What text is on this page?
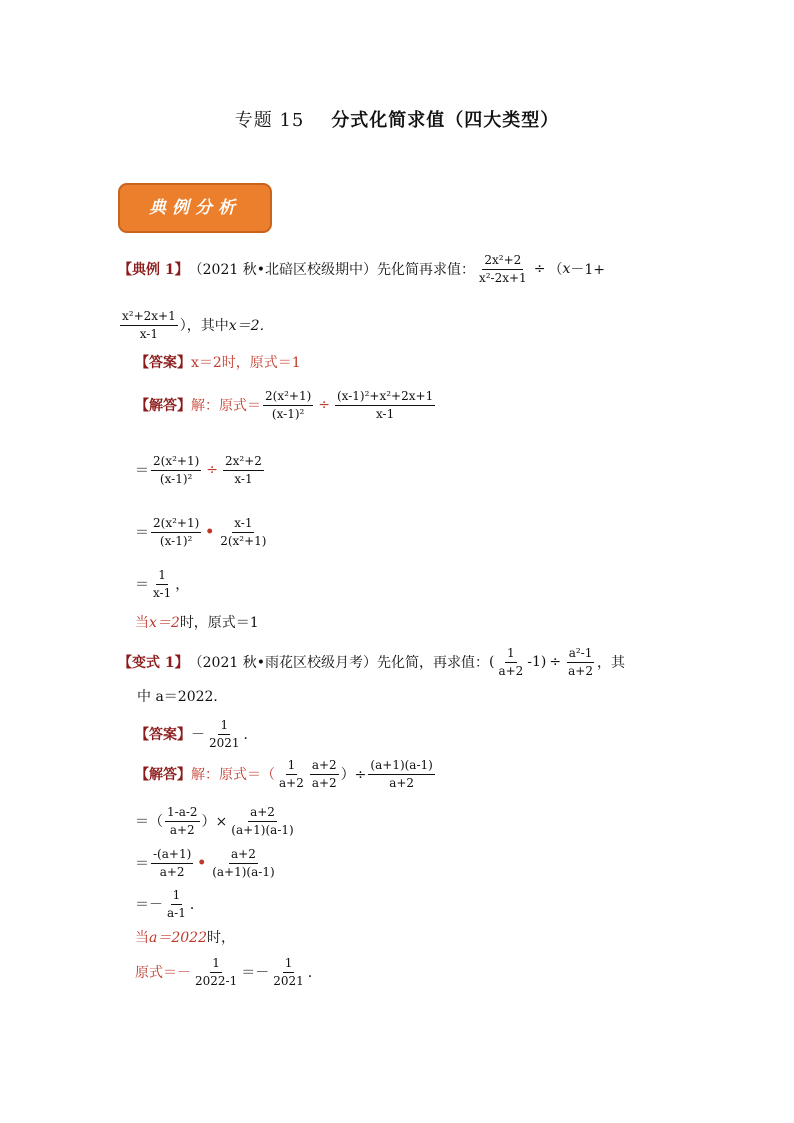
专题 15 分式化简求值（四大类型）
典例分析
【典例 1】 （2021 秋•北碚区校级期中）先化简再求值： $\frac{\text{2x²+2}}{\text{x²-2x+1}}$ ÷ （ x －1+
$\frac{\text{x²+2x+1}}{x-1}$ ），其中 x＝2．
【答案】 x＝2时，原式＝1
【解答】 解：原式＝ $\frac{\text{2(x²+1)}}{\text{(x-1)²}} \div \frac{\text{(x-1)²+x²+2x+1}}{x-1}$
＝ $\frac{\text{2(x²+1)}}{\text{(x-1)²}} \div \frac{\text{2x²+2}}{x-1}$
＝ $\frac{\text{2(x²+1)}}{\text{(x-1)²}}$ • $\frac{x-1}{\text{2(x²+1)}}$
＝ $\frac{1}{x-1}$ ，
当 x＝2 时，原式＝1
【变式 1】 （2021 秋•雨花区校级月考）先化简，再求值： ( $\frac{1}{a+2} -1) \div \frac{\text{a²-1}}{a+2}$ ，其
中 a＝2022．
【答案】 － $\frac{1}{2021}$ ．
【解答】 解：原式＝（ $\frac{1}{a+2} \frac{a+2}{a+2}$ ）÷ $\frac{(a+1)(a-1)}{a+2}$
＝（ $\frac{1-a-2}{a+2}$ ）× $\frac{a+2}{(a+1)(a-1)}$
＝ $\frac{-(a+1)}{a+2}$ • $\frac{a+2}{(a+1)(a-1)}$
＝－ $\frac{1}{a-1}$ ．
当 a＝2022 时，
原式＝－ $\frac{1}{2022-1} =- \frac{1}{2021}$ ．
